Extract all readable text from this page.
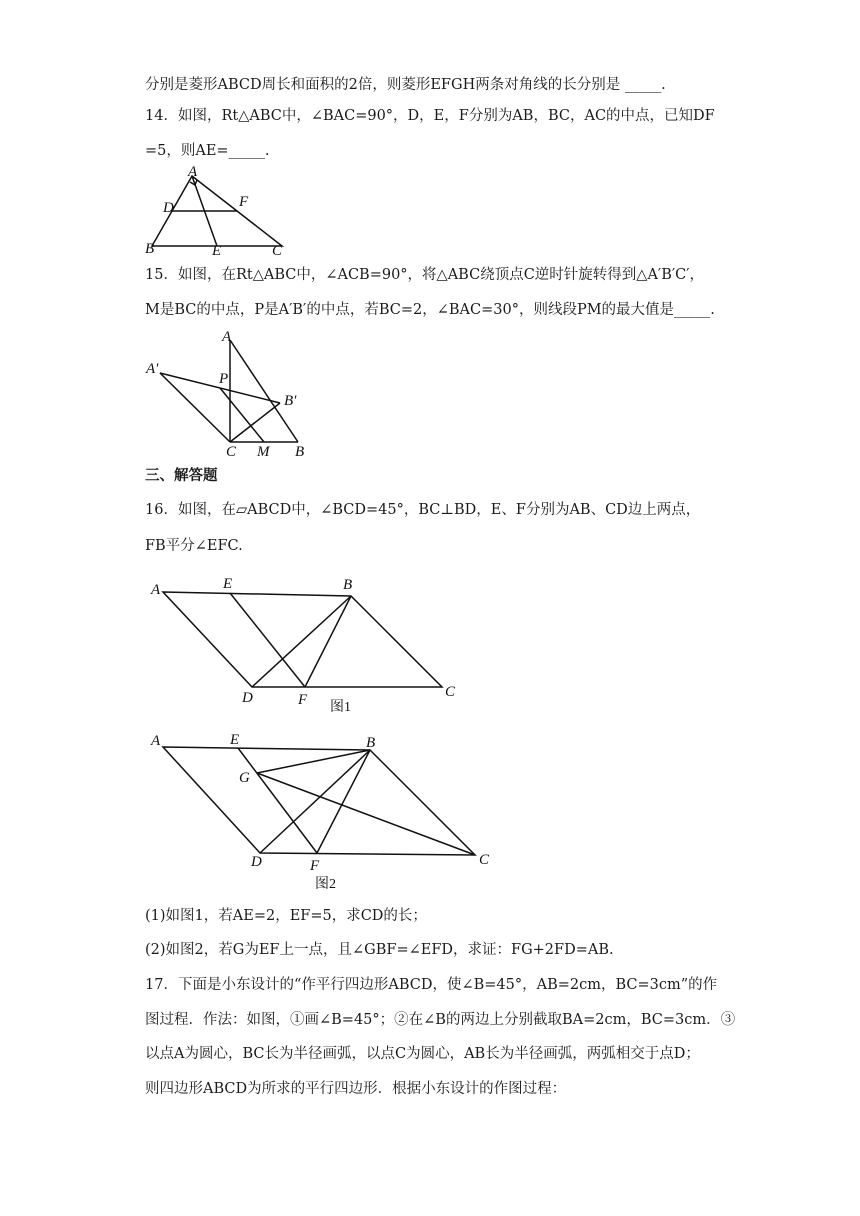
分别是菱形ABCD周长和面积的2倍，则菱形EFGH两条对角线的长分别是 _____.
14．如图，Rt△ABC中，∠BAC=90°，D，E，F分别为AB，BC，AC的中点，已知DF
=5，则AE=_____.
A
D	F
B	E	C
15．如图，在Rt△ABC中，∠ACB=90°，将△ABC绕顶点C逆时针旋转得到△A′B′C′，
M是BC的中点，P是A′B′的中点，若BC=2，∠BAC=30°，则线段PM的最大值是_____.
A
A′
P
B′
C M B
三、解答题
16．如图，在▱ABCD中，∠BCD=45°，BC⊥BD，E、F分别为AB、CD边上两点，
FB平分∠EFC.
A	E	B
D	F	C
图1
A	E	B
G
D	F	C
图2
(1)如图1，若AE=2，EF=5，求CD的长；
(2)如图2，若G为EF上一点，且∠GBF=∠EFD，求证：FG+2FD=AB.
17．下面是小东设计的“作平行四边形ABCD，使∠B=45°，AB=2cm，BC=3cm”的作
图过程．作法：如图，①画∠B=45°；②在∠B的两边上分别截取BA=2cm，BC=3cm．③
以点A为圆心，BC长为半径画弧，以点C为圆心，AB长为半径画弧，两弧相交于点D；
则四边形ABCD为所求的平行四边形．根据小东设计的作图过程：
